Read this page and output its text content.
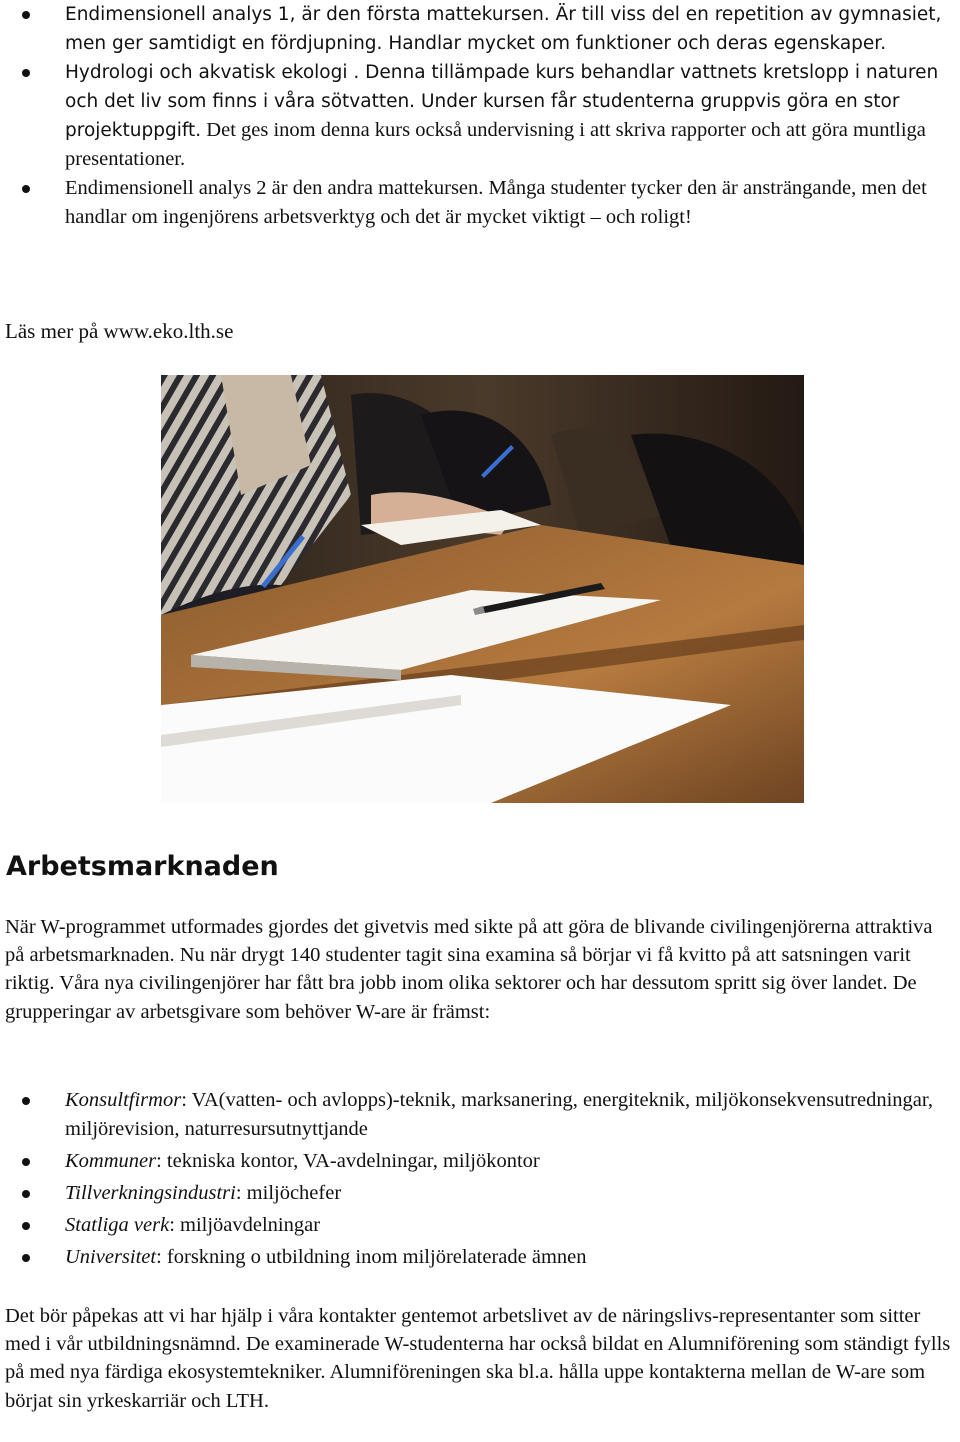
Endimensionell analys 1, är den första mattekursen. Är till viss del en repetition av gymnasiet, men ger samtidigt en fördjupning. Handlar mycket om funktioner och deras egenskaper.
Hydrologi och akvatisk ekologi . Denna tillämpade kurs behandlar vattnets kretslopp i naturen och det liv som finns i våra sötvatten. Under kursen får studenterna gruppvis göra en stor projektuppgift. Det ges inom denna kurs också undervisning i att skriva rapporter och att göra muntliga presentationer.
Endimensionell analys 2 är den andra mattekursen. Många studenter tycker den är ansträngande, men det handlar om ingenjörens arbetsverktyg och det är mycket viktigt – och roligt!

Läs mer på www.eko.lth.se

Arbetsmarknaden

När W-programmet utformades gjordes det givetvis med sikte på att göra de blivande civilingenjörerna attraktiva på arbetsmarknaden. Nu när drygt 140 studenter tagit sina examina så börjar vi få kvitto på att satsningen varit riktig. Våra nya civilingenjörer har fått bra jobb inom olika sektorer och har dessutom spritt sig över landet. De grupperingar av arbetsgivare som behöver W-are är främst:

Konsultfirmor: VA(vatten- och avlopps)-teknik, marksanering, energiteknik, miljökonsekvensutredningar, miljörevision, naturresursutnyttjande
Kommuner: tekniska kontor, VA-avdelningar, miljökontor
Tillverkningsindustri: miljöchefer
Statliga verk: miljöavdelningar
Universitet: forskning o utbildning inom miljörelaterade ämnen

Det bör påpekas att vi har hjälp i våra kontakter gentemot arbetslivet av de näringslivs-representanter som sitter med i vår utbildningsnämnd. De examinerade W-studenterna har också bildat en Alumniförening som ständigt fylls på med nya färdiga ekosystemtekniker. Alumniföreningen ska bl.a. hålla uppe kontakterna mellan de W-are som börjat sin yrkeskarriär och LTH.
